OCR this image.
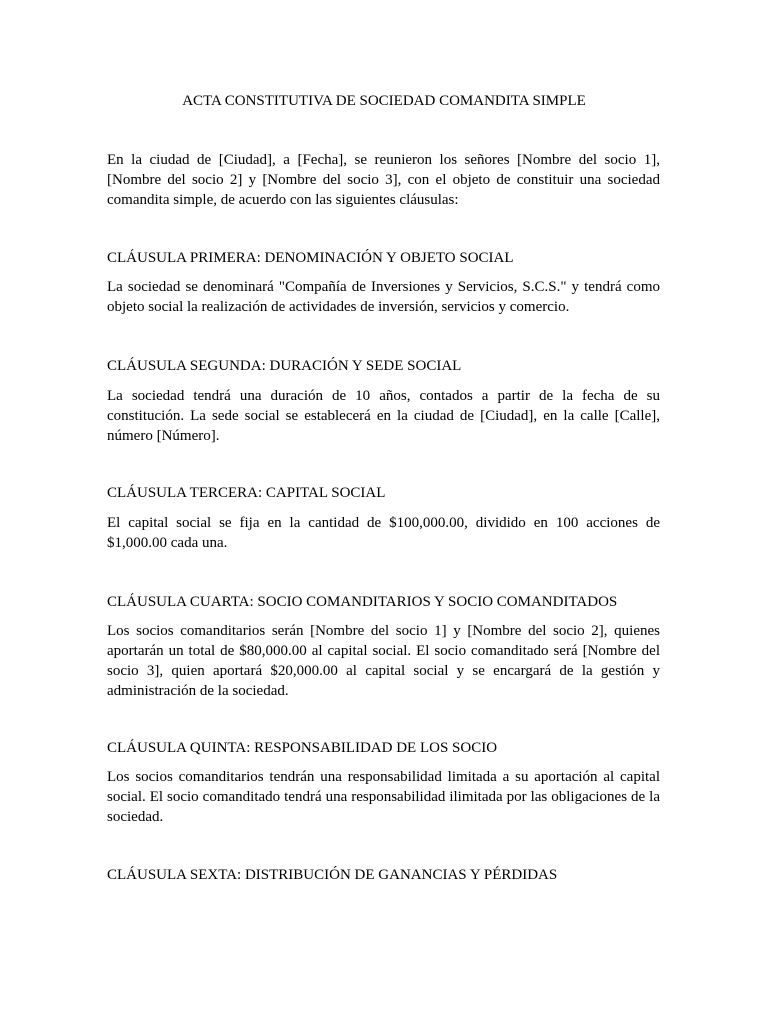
ACTA CONSTITUTIVA DE SOCIEDAD COMANDITA SIMPLE

En la ciudad de [Ciudad], a [Fecha], se reunieron los señores [Nombre del socio 1], [Nombre del socio 2] y [Nombre del socio 3], con el objeto de constituir una sociedad comandita simple, de acuerdo con las siguientes cláusulas:

CLÁUSULA PRIMERA: DENOMINACIÓN Y OBJETO SOCIAL

La sociedad se denominará "Compañía de Inversiones y Servicios, S.C.S." y tendrá como objeto social la realización de actividades de inversión, servicios y comercio.

CLÁUSULA SEGUNDA: DURACIÓN Y SEDE SOCIAL

La sociedad tendrá una duración de 10 años, contados a partir de la fecha de su constitución. La sede social se establecerá en la ciudad de [Ciudad], en la calle [Calle], número [Número].

CLÁUSULA TERCERA: CAPITAL SOCIAL

El capital social se fija en la cantidad de $100,000.00, dividido en 100 acciones de $1,000.00 cada una.

CLÁUSULA CUARTA: SOCIO COMANDITARIOS Y SOCIO COMANDITADOS

Los socios comanditarios serán [Nombre del socio 1] y [Nombre del socio 2], quienes aportarán un total de $80,000.00 al capital social. El socio comanditado será [Nombre del socio 3], quien aportará $20,000.00 al capital social y se encargará de la gestión y administración de la sociedad.

CLÁUSULA QUINTA: RESPONSABILIDAD DE LOS SOCIO

Los socios comanditarios tendrán una responsabilidad limitada a su aportación al capital social. El socio comanditado tendrá una responsabilidad ilimitada por las obligaciones de la sociedad.

CLÁUSULA SEXTA: DISTRIBUCIÓN DE GANANCIAS Y PÉRDIDAS
